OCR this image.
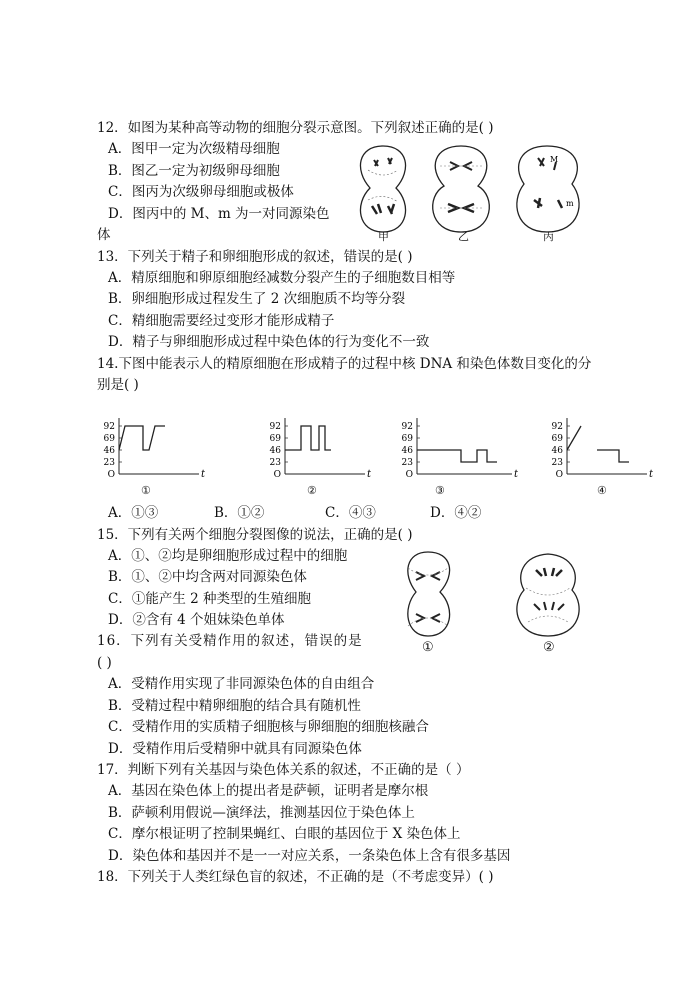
12．如图为某种高等动物的细胞分裂示意图。下列叙述正确的是( )
A．图甲一定为次级精母细胞
B．图乙一定为初级卵母细胞
C．图丙为次级卵母细胞或极体
D．图丙中的 M、m 为一对同源染色
体
M
m
甲	乙	丙
13．下列关于精子和卵细胞形成的叙述，错误的是( )
A．精原细胞和卵原细胞经减数分裂产生的子细胞数目相等
B．卵细胞形成过程发生了 2 次细胞质不均等分裂
C．精细胞需要经过变形才能形成精子
D．精子与卵细胞形成过程中染色体的行为变化不一致
14.下图中能表示人的精原细胞在形成精子的过程中核 DNA 和染色体数目变化的分
别是( )
92
69
46
23
O	t
92
69
46
23
O	t
92
69
46
23
O	t
92
69
46
23
O	t
①	②	③	④
A．①③	B．①②	C．④③	D．④②
15．下列有关两个细胞分裂图像的说法，正确的是( )
A．①、②均是卵细胞形成过程中的细胞
B．①、②中均含两对同源染色体
C．①能产生 2 种类型的生殖细胞
D．②含有 4 个姐妹染色单体
①	②
16．下列有关受精作用的叙述，错误的是
( )
A．受精作用实现了非同源染色体的自由组合
B．受精过程中精卵细胞的结合具有随机性
C．受精作用的实质精子细胞核与卵细胞的细胞核融合
D．受精作用后受精卵中就具有同源染色体
17．判断下列有关基因与染色体关系的叙述，不正确的是（ ）
A．基因在染色体上的提出者是萨顿，证明者是摩尔根
B．萨顿利用假说—演绎法，推测基因位于染色体上
C．摩尔根证明了控制果蝇红、白眼的基因位于 X 染色体上
D．染色体和基因并不是一一对应关系，一条染色体上含有很多基因
18．下列关于人类红绿色盲的叙述，不正确的是（不考虑变异）( )
